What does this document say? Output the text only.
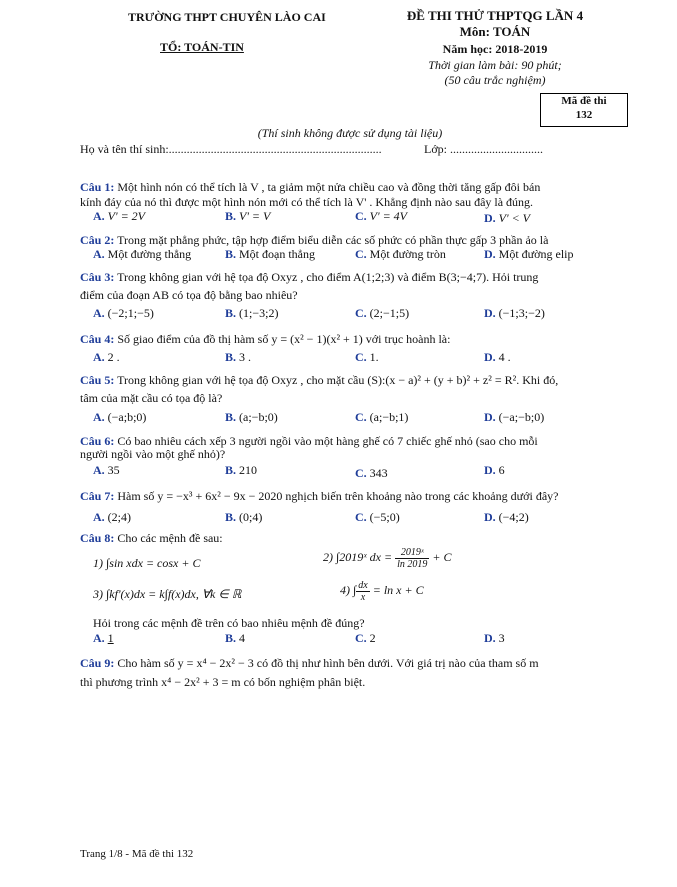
TRƯỜNG THPT CHUYÊN LÀO CAI
TỔ: TOÁN-TIN
ĐỀ THI THỬ THPTQG LẦN 4
Môn: TOÁN
Năm học: 2018-2019
Thời gian làm bài: 90 phút;
(50 câu trắc nghiệm)
Mã đề thi
132
(Thí sinh không được sử dụng tài liệu)
Họ và tên thí sinh:.......................................................................	Lớp: ...............................
Câu 1: Một hình nón có thể tích là V , ta giảm một nửa chiều cao và đồng thời tăng gấp đôi bán
kính đáy của nó thì được một hình nón mới có thể tích là V' . Khẳng định nào sau đây là đúng.
A. V' = 2V	B. V' = V	C. V' = 4V	D. V' < V
Câu 2: Trong mặt phẳng phức, tập hợp điểm biểu diễn các số phức có phần thực gấp 3 phần ảo là
A. Một đường thẳng	B. Một đoạn thẳng	C. Một đường tròn	D. Một đường elip
Câu 3: Trong không gian với hệ tọa độ Oxyz , cho điểm A(1;2;3) và điểm B(3;−4;7). Hỏi trung
điểm của đoạn AB có tọa độ bằng bao nhiêu?
A. (−2;1;−5)	B. (1;−3;2)	C. (2;−1;5)	D. (−1;3;−2)
Câu 4: Số giao điểm của đồ thị hàm số y = (x² − 1)(x² + 1) với trục hoành là:
A. 2 .	B. 3 .	C. 1.	D. 4 .
Câu 5: Trong không gian với hệ tọa độ Oxyz , cho mặt cầu (S):(x − a)² + (y + b)² + z² = R². Khi đó,
tâm của mặt cầu có tọa độ là?
A. (−a;b;0)	B. (a;−b;0)	C. (a;−b;1)	D. (−a;−b;0)
Câu 6: Có bao nhiêu cách xếp 3 người ngồi vào một hàng ghế có 7 chiếc ghế nhỏ (sao cho mỗi
người ngồi vào một ghế nhỏ)?
A. 35	B. 210	C. 343	D. 6
Câu 7: Hàm số y = −x³ + 6x² − 9x − 2020 nghịch biến trên khoảng nào trong các khoảng dưới đây?
A. (2;4)	B. (0;4)	C. (−5;0)	D. (−4;2)
Câu 8: Cho các mệnh đề sau:
1) ∫sin xdx = cosx + C	2) ∫2019ˣ dx = $\frac{\text{2019ˣ}}{\ln 2019} + C$
3) ∫kf'(x)dx = k∫f(x)dx, ∀k ∈ ℝ	4) ∫ $\frac{dx}{x} = \ln x + C$
Hỏi trong các mệnh đề trên có bao nhiêu mệnh đề đúng?
A. 1	B. 4	C. 2	D. 3
Câu 9: Cho hàm số y = x⁴ − 2x² − 3 có đồ thị như hình bên dưới. Với giá trị nào của tham số m
thì phương trình x⁴ − 2x² + 3 = m có bốn nghiệm phân biệt.
Trang 1/8 - Mã đề thi 132
